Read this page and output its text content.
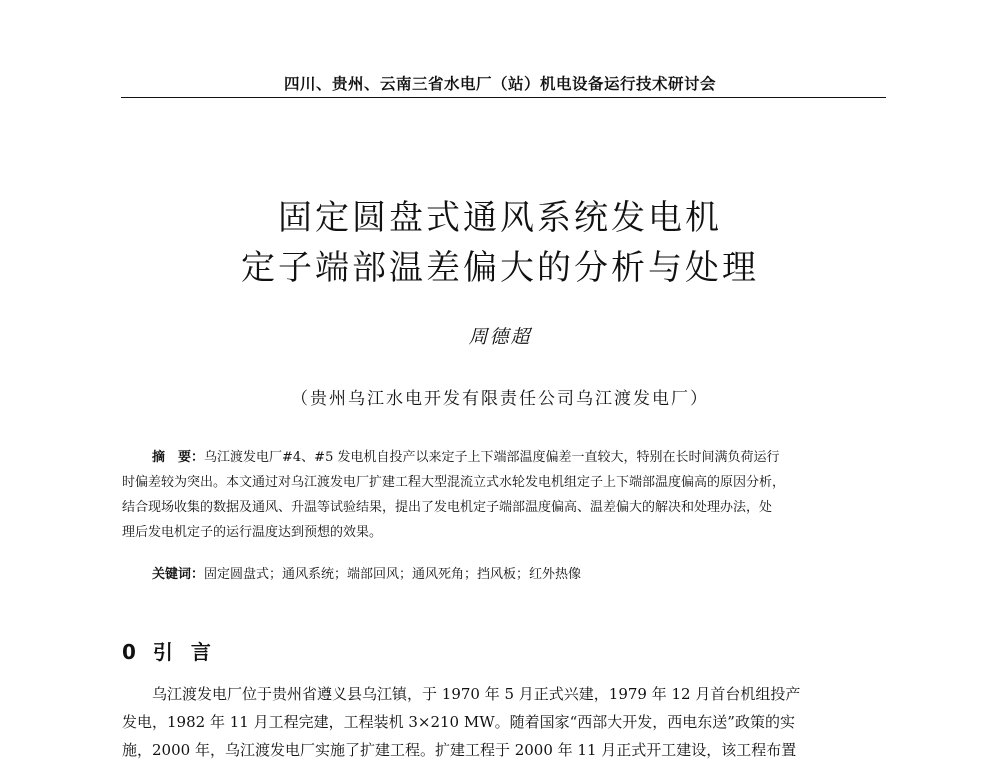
四川、贵州、云南三省水电厂（站）机电设备运行技术研讨会
固定圆盘式通风系统发电机
定子端部温差偏大的分析与处理
周德超
（贵州乌江水电开发有限责任公司乌江渡发电厂）
摘　要：乌江渡发电厂#4、#5 发电机自投产以来定子上下端部温度偏差一直较大，特别在长时间满负荷运行
时偏差较为突出。本文通过对乌江渡发电厂扩建工程大型混流立式水轮发电机组定子上下端部温度偏高的原因分析，
结合现场收集的数据及通风、升温等试验结果，提出了发电机定子端部温度偏高、温差偏大的解决和处理办法，处
理后发电机定子的运行温度达到预想的效果。
关键词：固定圆盘式；通风系统；端部回风；通风死角；挡风板；红外热像
0 引言
乌江渡发电厂位于贵州省遵义县乌江镇，于 1970 年 5 月正式兴建，1979 年 12 月首台机组投产
发电，1982 年 11 月工程完建，工程装机 3×210 MW。随着国家“西部大开发，西电东送”政策的实
施，2000 年，乌江渡发电厂实施了扩建工程。扩建工程于 2000 年 11 月正式开工建设，该工程布置
